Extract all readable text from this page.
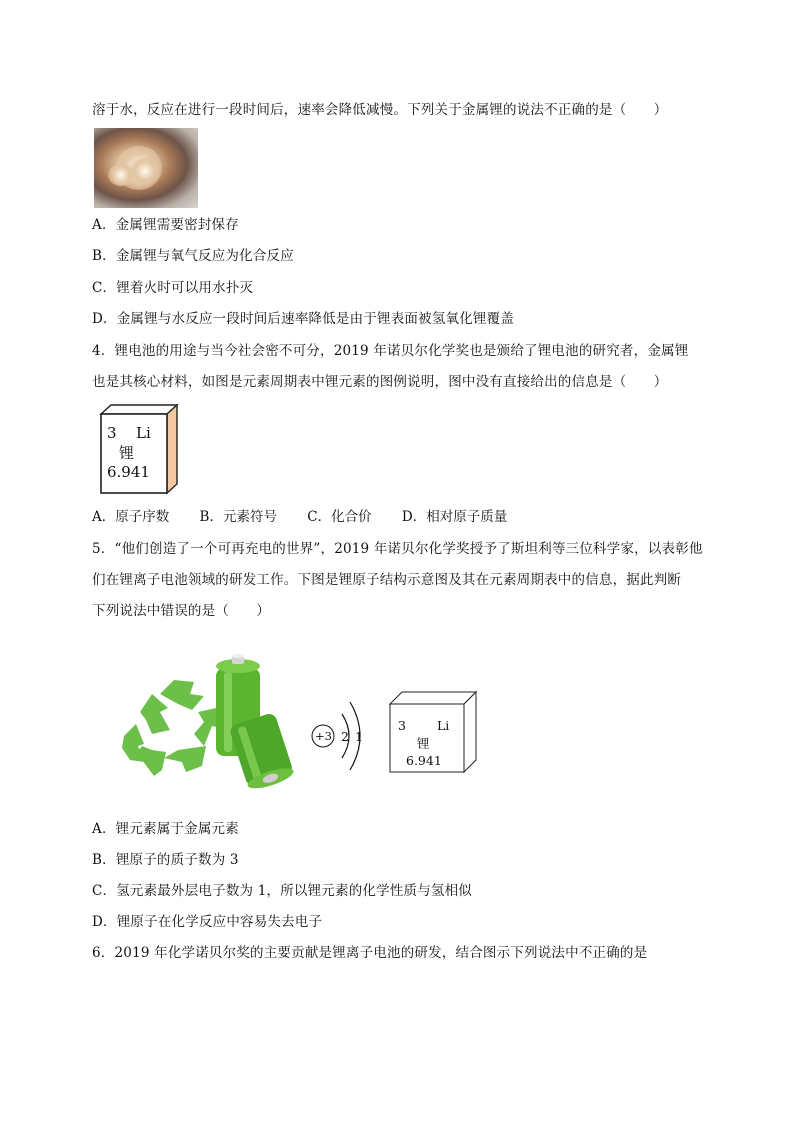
溶于水，反应在进行一段时间后，速率会降低减慢。下列关于金属锂的说法不正确的是（　　）
A．金属锂需要密封保存
B．金属锂与氧气反应为化合反应
C．锂着火时可以用水扑灭
D．金属锂与水反应一段时间后速率降低是由于锂表面被氢氧化锂覆盖
4．锂电池的用途与当今社会密不可分，2019 年诺贝尔化学奖也是颁给了锂电池的研究者，金属锂
也是其核心材料，如图是元素周期表中锂元素的图例说明，图中没有直接给出的信息是（　　）
3 Li
锂
6.941
A．原子序数 B．元素符号 C．化合价 D．相对原子质量
5．“他们创造了一个可再充电的世界”，2019 年诺贝尔化学奖授予了斯坦利等三位科学家，以表彰他
们在锂离子电池领域的研发工作。下图是锂原子结构示意图及其在元素周期表中的信息，据此判断
下列说法中错误的是（　　）
+3 2 1
3 Li
锂
6.941
A．锂元素属于金属元素
B．锂原子的质子数为 3
C．氢元素最外层电子数为 1，所以锂元素的化学性质与氢相似
D．锂原子在化学反应中容易失去电子
6．2019 年化学诺贝尔奖的主要贡献是锂离子电池的研发，结合图示下列说法中不正确的是
